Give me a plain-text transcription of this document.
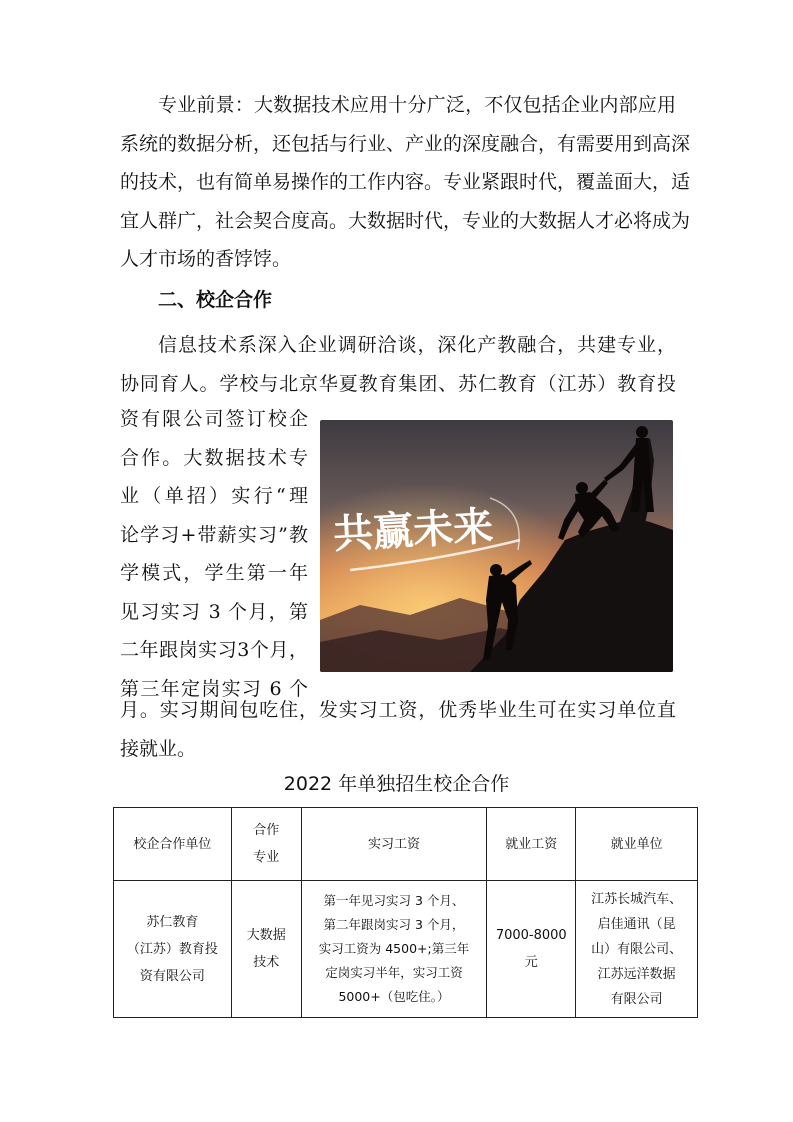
专业前景：大数据技术应用十分广泛，不仅包括企业内部应用
系统的数据分析，还包括与行业、产业的深度融合，有需要用到高深
的技术，也有简单易操作的工作内容。专业紧跟时代，覆盖面大，适
宜人群广，社会契合度高。大数据时代，专业的大数据人才必将成为
人才市场的香饽饽。
二、校企合作
信息技术系深入企业调研洽谈，深化产教融合，共建专业，
协同育人。学校与北京华夏教育集团、苏仁教育（江苏）教育投
资有限公司签订校企
合作。大数据技术专
业（单招）实行“理
论学习+带薪实习”教
学模式，学生第一年
见习实习 3 个月，第
二年跟岗实习3个月，
第三年定岗实习 6 个
共赢未来
月。实习期间包吃住，发实习工资，优秀毕业生可在实习单位直
接就业。

2022 年单独招生校企合作

校企合作单位	合作
专业	实习工资	就业工资	就业单位
苏仁教育
（江苏）教育投
资有限公司	大数据
技术	第一年见习实习 3 个月、
第二年跟岗实习 3 个月，
实习工资为 4500+;第三年
定岗实习半年，实习工资
5000+（包吃住。）	7000-8000
元	江苏长城汽车、
启佳通讯（昆
山）有限公司、
江苏远洋数据
有限公司
